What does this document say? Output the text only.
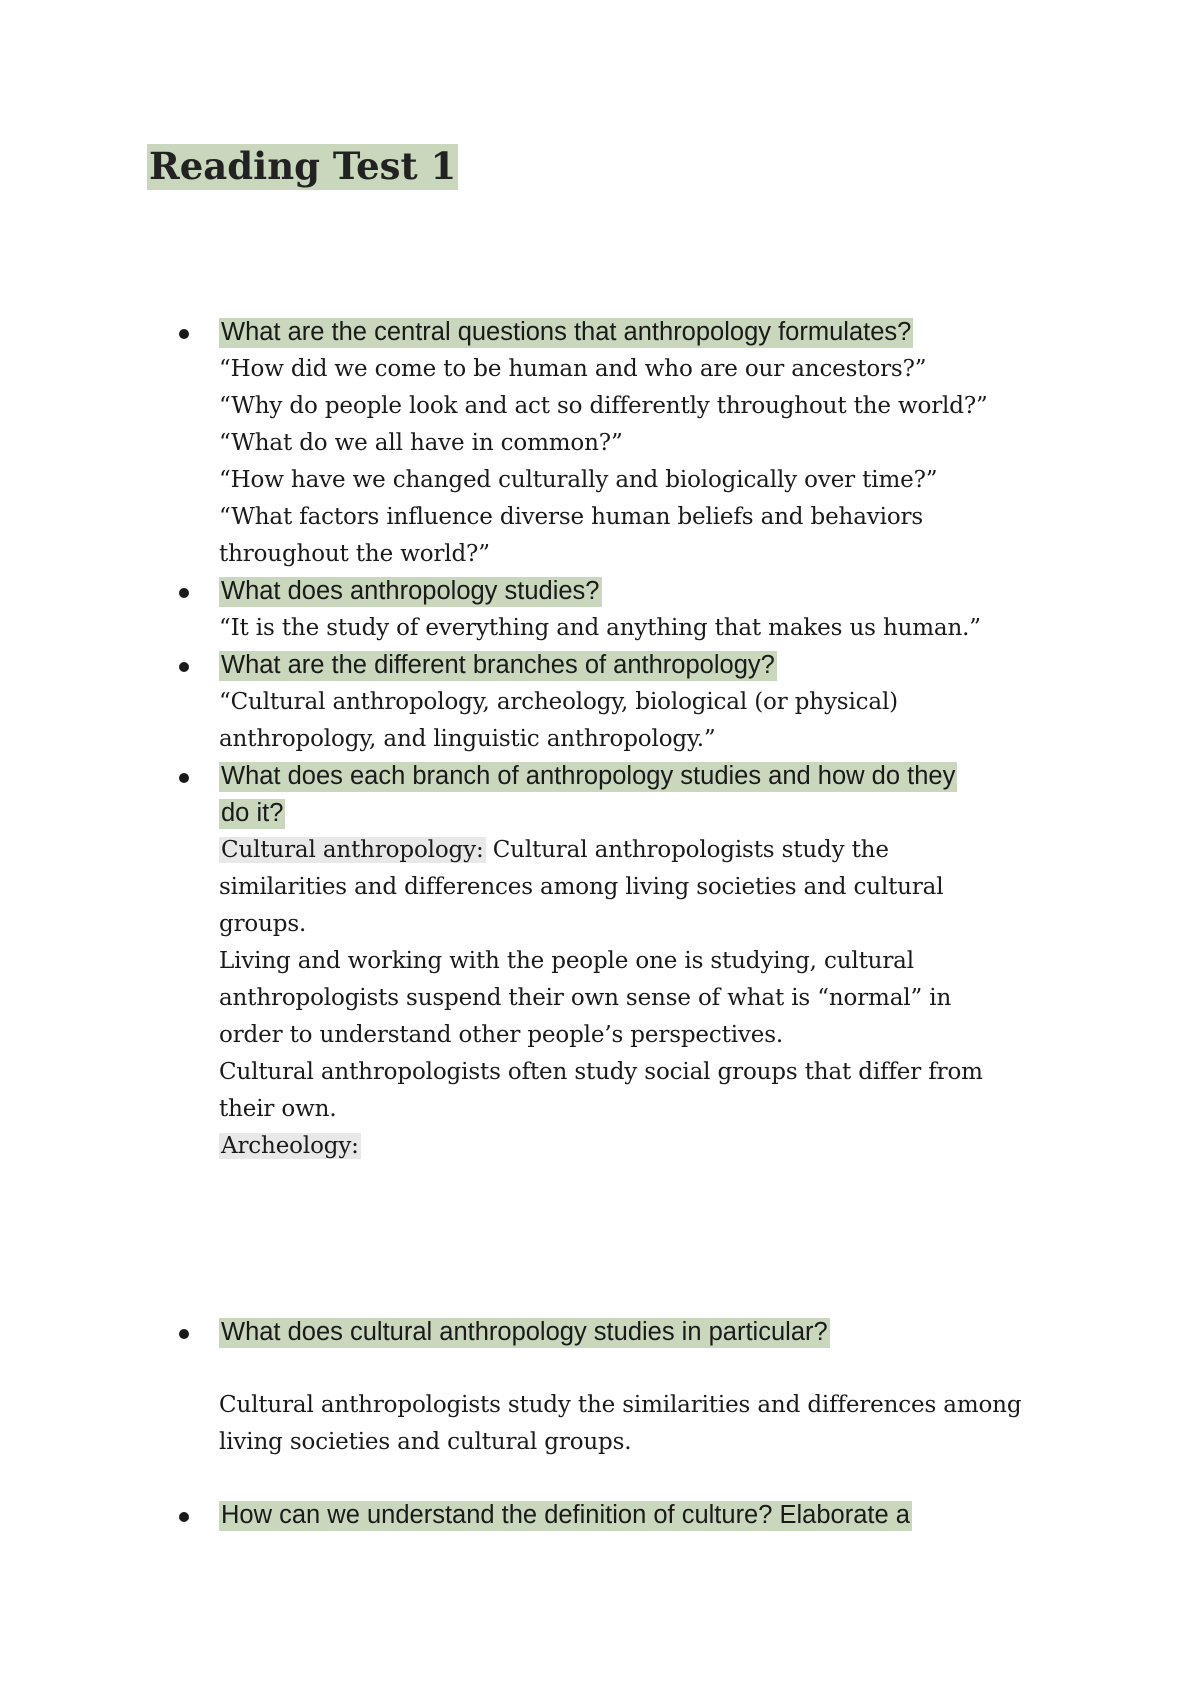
Reading Test 1
What are the central questions that anthropology formulates?
“How did we come to be human and who are our ancestors?”
“Why do people look and act so differently throughout the world?”
“What do we all have in common?”
“How have we changed culturally and biologically over time?”
“What factors influence diverse human beliefs and behaviors
throughout the world?”
What does anthropology studies?
“It is the study of everything and anything that makes us human.”
What are the different branches of anthropology?
“Cultural anthropology, archeology, biological (or physical)
anthropology, and linguistic anthropology.”
What does each branch of anthropology studies and how do they
do it?
Cultural anthropology: Cultural anthropologists study the
similarities and differences among living societies and cultural
groups.
Living and working with the people one is studying, cultural
anthropologists suspend their own sense of what is “normal” in
order to understand other people’s perspectives.
Cultural anthropologists often study social groups that differ from
their own.
Archeology:
What does cultural anthropology studies in particular?
Cultural anthropologists study the similarities and differences among
living societies and cultural groups.
How can we understand the definition of culture? Elaborate a
